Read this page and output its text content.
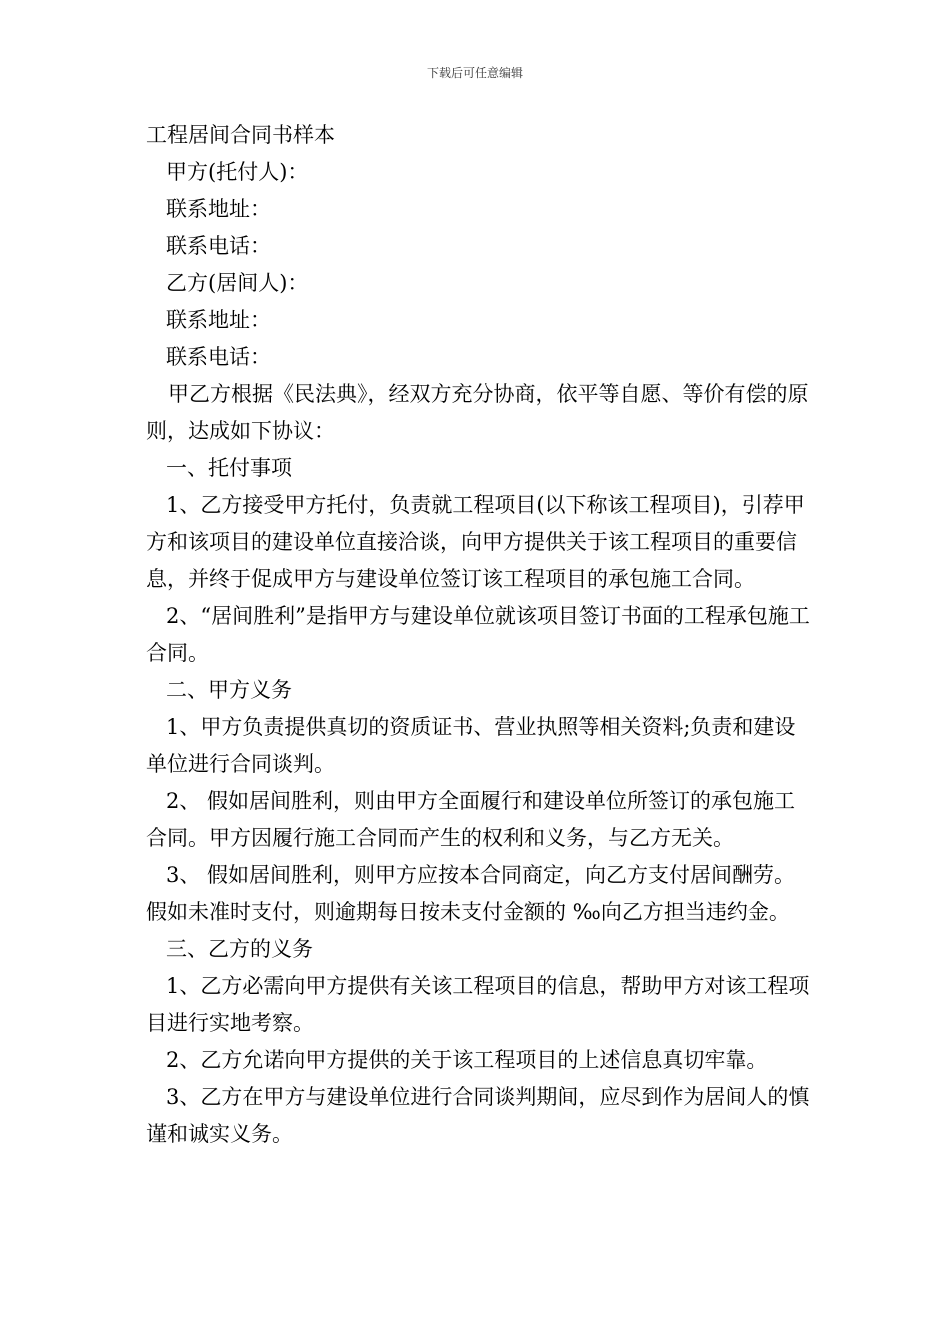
下载后可任意编辑

工程居间合同书样本

甲方(托付人)：

联系地址：

联系电话：

乙方(居间人)：

联系地址：

联系电话：

甲乙方根据《民法典》，经双方充分协商，依平等自愿、等价有偿的原则，达成如下协议：

一、托付事项

1、乙方接受甲方托付，负责就工程项目(以下称该工程项目)，引荐甲方和该项目的建设单位直接洽谈，向甲方提供关于该工程项目的重要信息，并终于促成甲方与建设单位签订该工程项目的承包施工合同。

2、“居间胜利”是指甲方与建设单位就该项目签订书面的工程承包施工合同。

二、甲方义务

1、甲方负责提供真切的资质证书、营业执照等相关资料;负责和建设单位进行合同谈判。

2、 假如居间胜利，则由甲方全面履行和建设单位所签订的承包施工合同。甲方因履行施工合同而产生的权利和义务，与乙方无关。

3、 假如居间胜利，则甲方应按本合同商定，向乙方支付居间酬劳。假如未准时支付，则逾期每日按未支付金额的 ‰向乙方担当违约金。

三、乙方的义务

1、乙方必需向甲方提供有关该工程项目的信息，帮助甲方对该工程项目进行实地考察。

2、乙方允诺向甲方提供的关于该工程项目的上述信息真切牢靠。

3、乙方在甲方与建设单位进行合同谈判期间，应尽到作为居间人的慎谨和诚实义务。
